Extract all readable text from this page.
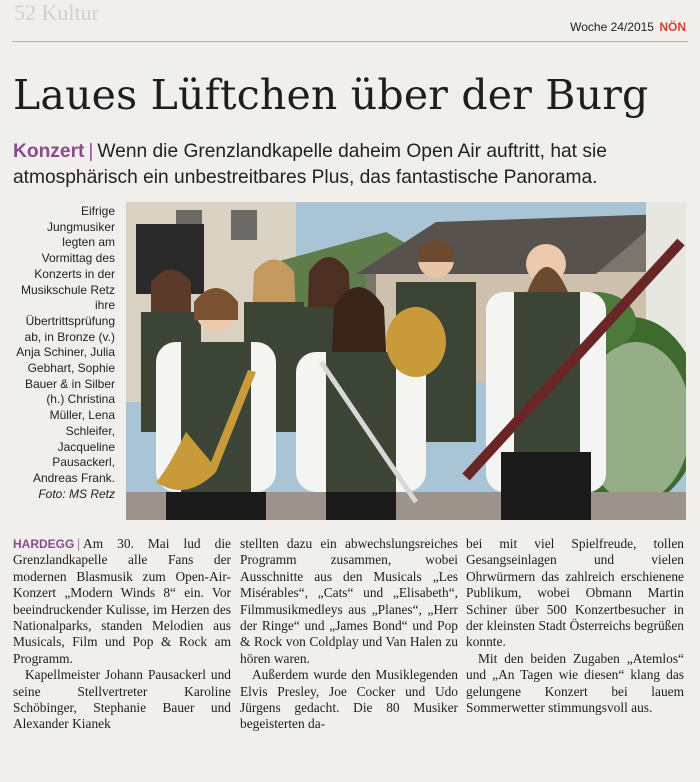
52 Kultur
Woche 24/2015 NÖN
Laues Lüftchen über der Burg
Konzert | Wenn die Grenzlandkapelle daheim Open Air auftritt, hat sie atmosphärisch ein unbestreitbares Plus, das fantastische Panorama.
Eifrige Jungmusiker legten am Vormittag des Konzerts in der Musikschule Retz ihre Übertrittsprüfung ab, in Bronze (v.) Anja Schiner, Julia Gebhart, Sophie Bauer & in Silber (h.) Christina Müller, Lena Schleifer, Jacqueline Pausackerl, Andreas Frank.
Foto: MS Retz

HARDEGG | Am 30. Mai lud die Grenzlandkapelle alle Fans der modernen Blasmusik zum Open-Air-Konzert „Modern Winds 8“ ein. Vor beeindruckender Kulisse, im Herzen des Nationalparks, standen Melodien aus Musicals, Film und Pop & Rock am Programm.

Kapellmeister Johann Pausackerl und seine Stellvertreter Karoline Schöbinger, Stephanie Bauer und Alexander Kianek

stellten dazu ein abwechslungsreiches Programm zusammen, wobei Ausschnitte aus den Musicals „Les Misérables“, „Cats“ und „Elisabeth“, Filmmusikmedleys aus „Planes“, „Herr der Ringe“ und „James Bond“ und Pop & Rock von Coldplay und Van Halen zu hören waren.

Außerdem wurde den Musiklegenden Elvis Presley, Joe Cocker und Udo Jürgens gedacht. Die 80 Musiker begeisterten da-

bei mit viel Spielfreude, tollen Gesangseinlagen und vielen Ohrwürmern das zahlreich erschienene Publikum, wobei Obmann Martin Schiner über 500 Konzertbesucher in der kleinsten Stadt Österreichs begrüßen konnte.

Mit den beiden Zugaben „Atemlos“ und „An Tagen wie diesen“ klang das gelungene Konzert bei lauem Sommerwetter stimmungsvoll aus.
